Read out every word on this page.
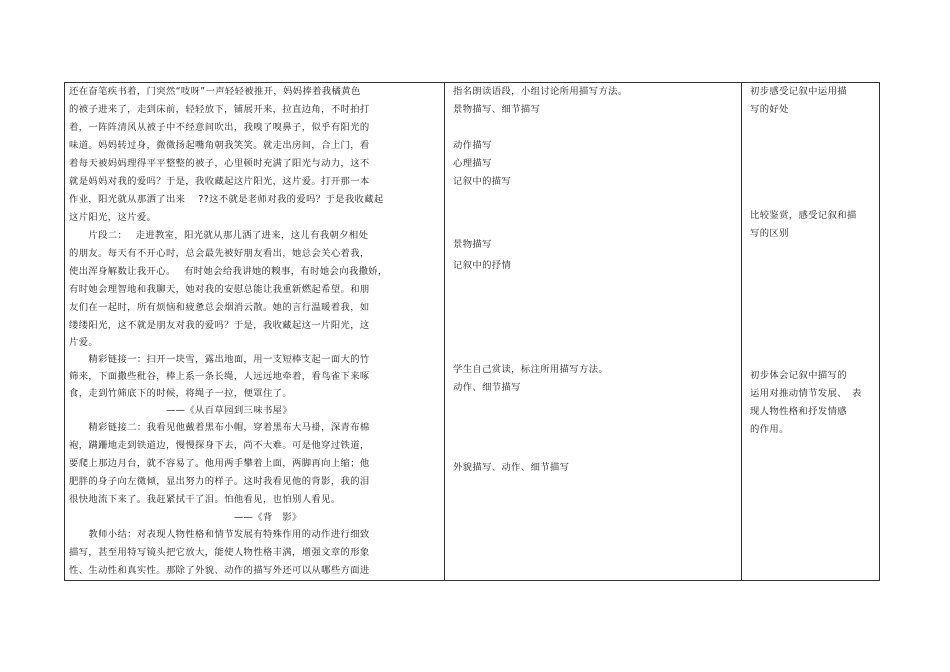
还在奋笔疾书着，门突然“吱呀”一声轻轻被推开，妈妈捧着我橘黄色
的被子进来了，走到床前，轻轻放下，铺展开来，拉直边角，不时拍打
着，一阵阵清风从被子中不经意间吹出，我嗅了嗅鼻子，似乎有阳光的
味道。妈妈转过身，微微扬起嘴角朝我笑笑。就走出房间，合上门，看
着每天被妈妈理得平平整整的被子，心里顿时充满了阳光与动力，这不
就是妈妈对我的爱吗？于是，我收藏起这片阳光，这片爱。打开那一本
作业，阳光就从那洒了出来　 ??这不就是老师对我的爱吗？于是我收藏起
这片阳光，这片爱。
　　片段二：　 走进教室，阳光就从那儿洒了进来，这儿有我朝夕相处
的朋友。每天有不开心时，总会最先被好朋友看出，她总会关心着我，
使出浑身解数让我开心。　 有时她会给我讲她的糗事，有时她会向我撒娇，
有时她会理智地和我聊天，她对我的安慰总能让我重新燃起希望。和朋
友们在一起时，所有烦恼和疲惫总会烟消云散。她的言行温暖着我，如
缕缕阳光，这不就是朋友对我的爱吗？于是，我收藏起这一片阳光，这
片爱。
　　精彩链接一：扫开一块雪，露出地面，用一支短棒支起一面大的竹
筛来，下面撒些秕谷，棒上系一条长绳，人远远地牵着，看鸟雀下来啄
食，走到竹筛底下的时候，将绳子一拉，便罩住了。
　　　　　　　　　　——《从百草园到三味书屋》
　　精彩链接二：我看见他戴着黑布小帽，穿着黑布大马褂，深青布棉
袍，蹒跚地走到铁道边，慢慢探身下去，尚不大难。可是他穿过铁道，
要爬上那边月台，就不容易了。他用两手攀着上面，两脚再向上缩；他
肥胖的身子向左微倾，显出努力的样子。这时我看见他的背影，我的泪
很快地流下来了。我赶紧拭干了泪。怕他看见，也怕别人看见。
　　　　　　　　　　　　　　　　　——《背　影》
　　教师小结：对表现人物性格和情节发展有特殊作用的动作进行细致
描写，甚至用特写镜头把它放大，能使人物性格丰满，增强文章的形象
性、生动性和真实性。那除了外貌、动作的描写外还可以从哪些方面进
指名朗读语段，小组讨论所用描写方法。
景物描写、细节描写
动作描写
心理描写
记叙中的描写
景物描写
记叙中的抒情
学生自己赏读，标注所用描写方法。
动作、细节描写
外貌描写、动作、细节描写
初步感受记叙中运用描
写的好处
比较鉴赏，感受记叙和描
写的区别
初步体会记叙中描写的
运用对推动情节发展、　表
现人物性格和抒发情感
的作用。
